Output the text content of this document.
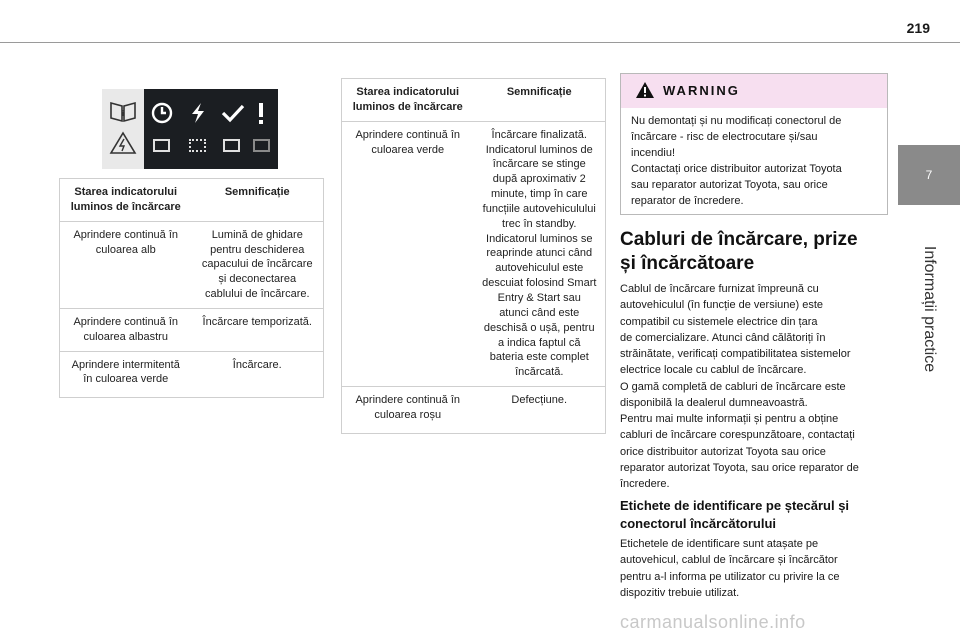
219
7
Informații practice
i
Starea indicatorului luminos de încărcare	Semnificație
Aprindere continuă în culoarea alb	Lumină de ghidare pentru deschiderea capacului de încărcare și deconectarea cablului de încărcare.
Aprindere continuă în culoarea albastru	Încărcare temporizată.
Aprindere intermitentă în culoarea verde	Încărcare.
Starea indicatorului luminos de încărcare	Semnificație
Aprindere continuă în culoarea verde	Încărcare finalizată.
Indicatorul luminos de încărcare se stinge după aproximativ 2 minute, timp în care funcțiile autovehiculului trec în standby.
Indicatorul luminos se reaprinde atunci când autovehiculul este descuiat folosind Smart Entry & Start sau atunci când este deschisă o ușă, pentru a indica faptul că bateria este complet încărcată.
Aprindere continuă în culoarea roșu	Defecțiune.
WARNING
Nu demontați și nu modificați conectorul de
încărcare - risc de electrocutare și/sau
incendiu!
Contactați orice distribuitor autorizat Toyota
sau reparator autorizat Toyota, sau orice
reparator de încredere.
Cabluri de încărcare, prize
și încărcătoare
Cablul de încărcare furnizat împreună cu
autovehiculul (în funcție de versiune) este
compatibil cu sistemele electrice din țara
de comercializare. Atunci când călătoriți în
străinătate, verificați compatibilitatea sistemelor
electrice locale cu cablul de încărcare.
O gamă completă de cabluri de încărcare este
disponibilă la dealerul dumneavoastră.
Pentru mai multe informații și pentru a obține
cabluri de încărcare corespunzătoare, contactați
orice distribuitor autorizat Toyota sau orice
reparator autorizat Toyota, sau orice reparator de
încredere.
Etichete de identificare pe ștecărul și
conectorul încărcătorului
Etichetele de identificare sunt atașate pe
autovehicul, cablul de încărcare și încărcător
pentru a-l informa pe utilizator cu privire la ce
dispozitiv trebuie utilizat.
carmanualsonline.info
